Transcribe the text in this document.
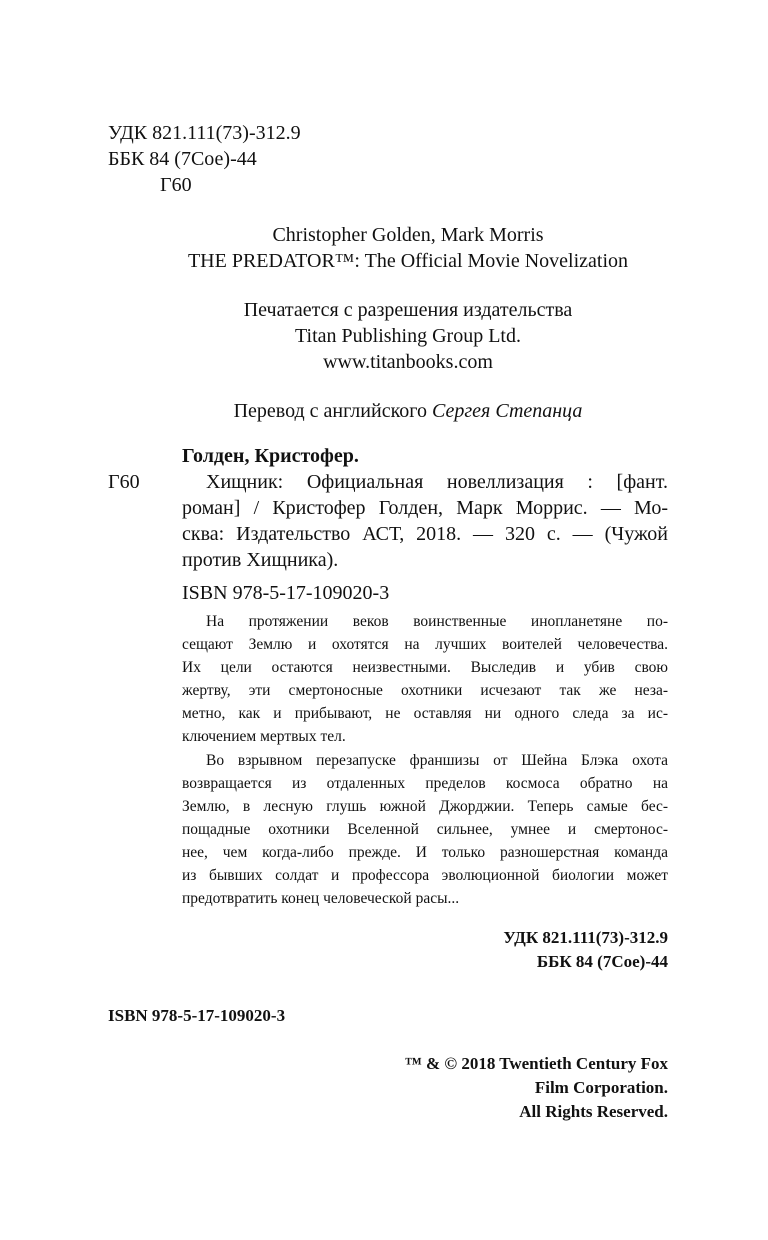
УДК 821.111(73)-312.9
ББК 84 (7Сое)-44
Г60
Christopher Golden, Mark Morris
THE PREDATOR™: The Official Movie Novelization
Печатается с разрешения издательства
Titan Publishing Group Ltd.
www.titanbooks.com
Перевод с английского Сергея Степанца
Голден, Кристофер.
Г60	Хищник: Официальная новеллизация : [фант.
роман] / Кристофер Голден, Марк Моррис. — Мо-
сква: Издательство АСТ, 2018. — 320 с. — (Чужой
против Хищника).
ISBN 978-5-17-109020-3
На протяжении веков воинственные инопланетяне по-
сещают Землю и охотятся на лучших воителей человечества.
Их цели остаются неизвестными. Выследив и убив свою
жертву, эти смертоносные охотники исчезают так же неза-
метно, как и прибывают, не оставляя ни одного следа за ис-
ключением мертвых тел.
Во взрывном перезапуске франшизы от Шейна Блэка охота
возвращается из отдаленных пределов космоса обратно на
Землю, в лесную глушь южной Джорджии. Теперь самые бес-
пощадные охотники Вселенной сильнее, умнее и смертонос-
нее, чем когда-либо прежде. И только разношерстная команда
из бывших солдат и профессора эволюционной биологии может
предотвратить конец человеческой расы...
УДК 821.111(73)-312.9
ББК 84 (7Сое)-44
ISBN 978-5-17-109020-3
™ & © 2018 Twentieth Century Fox
Film Corporation.
All Rights Reserved.
